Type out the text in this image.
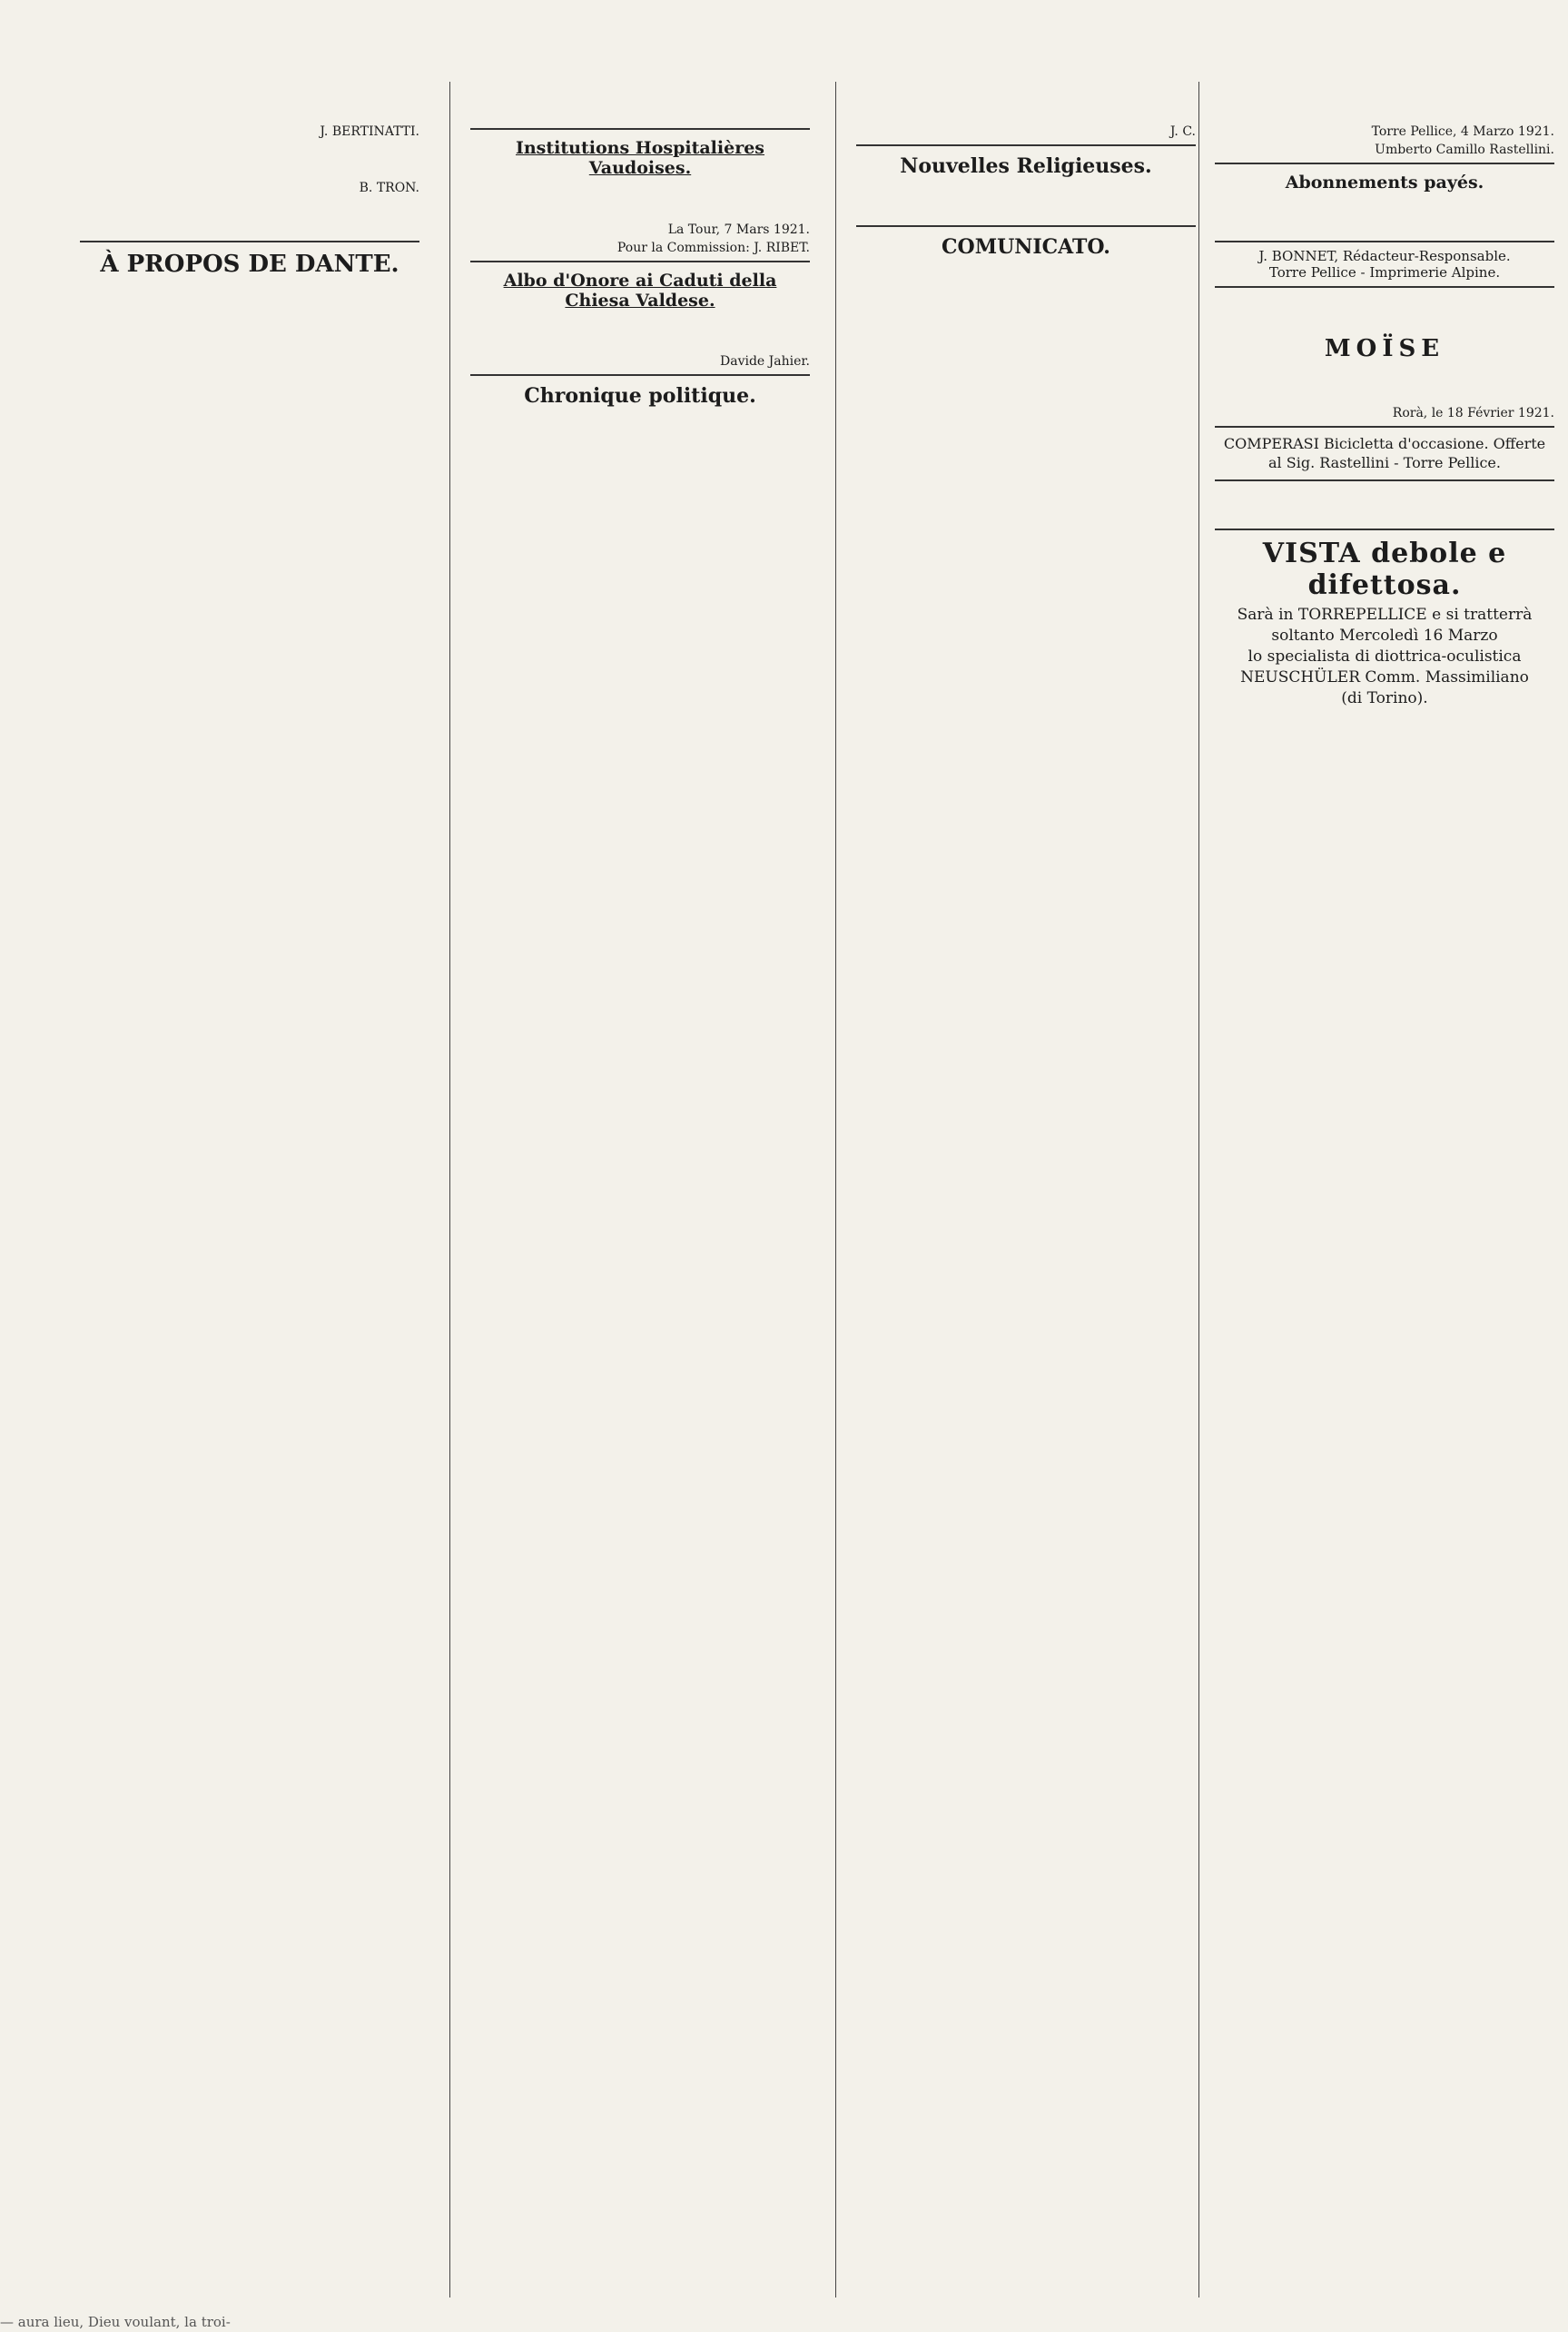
J. BERTINATTI.
B. TRON.
À PROPOS DE DANTE.
Institutions Hospitalières Vaudoises.
La Tour, 7 Mars 1921.
Pour la Commission: J. RIBET.
Albo d'Onore ai Caduti della Chiesa Valdese.
Davide Jahier.
Chronique politique.
J. C.
Nouvelles Religieuses.
COMUNICATO.
Torre Pellice, 4 Marzo 1921.
Umberto Camillo Rastellini.
Abonnements payés.
J. BONNET, Rédacteur-Responsable.
Torre Pellice - Imprimerie Alpine.
MOÏSE
Rorà, le 18 Février 1921.
COMPERASI Bicicletta d'occasione. Offerte al Sig. Rastellini - Torre Pellice.
VISTA debole e difettosa.
Sarà in TORREPELLICE e si tratterrà
soltanto Mercoledì 16 Marzo
lo specialista di diottrica-oculistica
NEUSCHÜLER Comm. Massimiliano
(di Torino).
— aura lieu, Dieu voulant, la troi-
